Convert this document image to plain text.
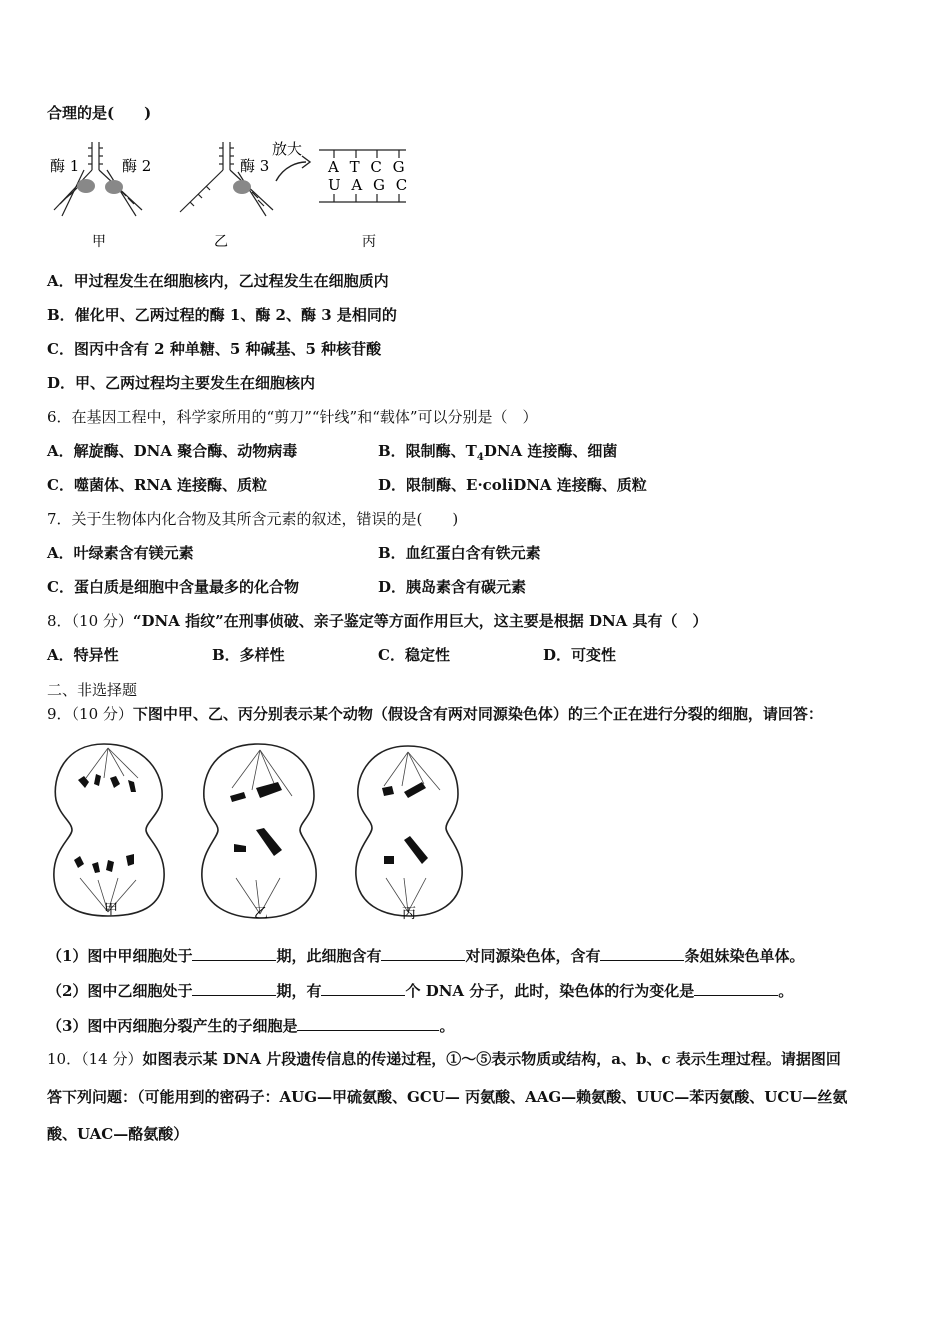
合理的是(　　)
酶 1	酶 2	酶 3
放大
A T C G
U A G C
甲	乙	丙
A．甲过程发生在细胞核内，乙过程发生在细胞质内
B．催化甲、乙两过程的酶 1、酶 2、酶 3 是相同的
C．图丙中含有 2 种单糖、5 种碱基、5 种核苷酸
D．甲、乙两过程均主要发生在细胞核内
6．在基因工程中，科学家所用的“剪刀”“针线”和“载体”可以分别是（　）
A．解旋酶、DNA 聚合酶、动物病毒	B．限制酶、$T_4DNA$ 连接酶、细菌
C．噬菌体、RNA 连接酶、质粒	D．限制酶、E·coliDNA 连接酶、质粒
7．关于生物体内化合物及其所含元素的叙述，错误的是(　　)
A．叶绿素含有镁元素	B．血红蛋白含有铁元素
C．蛋白质是细胞中含量最多的化合物	D．胰岛素含有碳元素
8．（10 分）“DNA 指纹”在刑事侦破、亲子鉴定等方面作用巨大，这主要是根据 DNA 具有（　）
A．特异性	B．多样性	C．稳定性	D．可变性
二、非选择题
9．（10 分）下图中甲、乙、丙分别表示某个动物（假设含有两对同源染色体）的三个正在进行分裂的细胞，请回答：
甲	乙	丙
（1）图中甲细胞处于	期，此细胞含有	对同源染色体，含有	条姐妹染色单体。
（2）图中乙细胞处于	期，有	个 DNA 分子，此时，染色体的行为变化是	。
（3）图中丙细胞分裂产生的子细胞是	。
10．（14 分）如图表示某 DNA 片段遗传信息的传递过程，①～⑤表示物质或结构，a、b、c 表示生理过程。请据图回
答下列问题：（可能用到的密码子：AUG—甲硫氨酸、GCU— 丙氨酸、AAG—赖氨酸、UUC—苯丙氨酸、UCU—丝氨
酸、UAC—酪氨酸）
